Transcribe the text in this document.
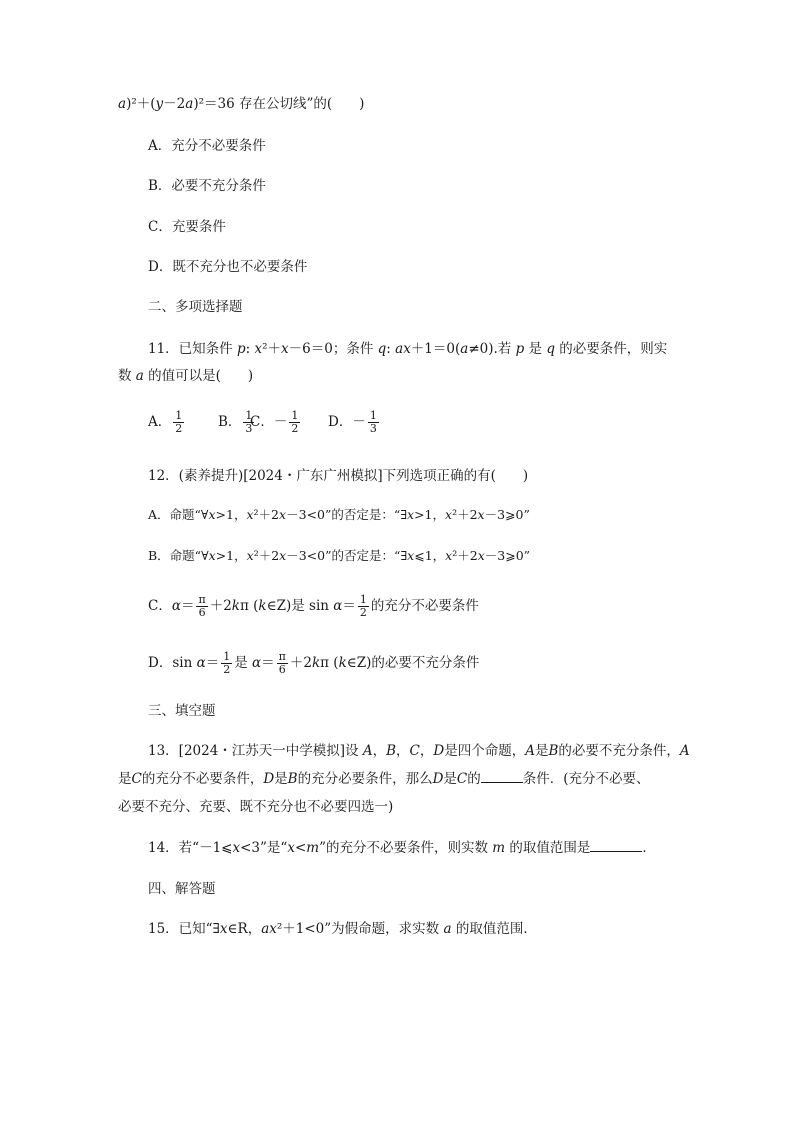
a)²＋(y－2a)²＝36 存在公切线”的(　　)
A．充分不必要条件
B．必要不充分条件
C．充要条件
D．既不充分也不必要条件
二、多项选择题
11．已知条件 p: x²＋x－6＝0；条件 q: ax＋1＝0(a≠0).若 p 是 q 的必要条件，则实
数 a 的值可以是(　　)
A． $\frac{1}{2}$	B． $\frac{1}{3}$
C．－ $\frac{1}{2}$ D．－ $\frac{1}{3}$
12．(素养提升)[2024・广东广州模拟]下列选项正确的有(　　)
A．命题“∀x>1，x²＋2x－3<0”的否定是：“∃x>1，x²＋2x－3⩾0”
B．命题“∀x>1，x²＋2x－3<0”的否定是：“∃x⩽1，x²＋2x－3⩾0”
C．$\alpha= \frac{\pi}{6} +2k\pi$ (k∈Z)是 $\sin \alpha= \frac{1}{2}$ 的充分不必要条件
D．$\sin \alpha= \frac{1}{2}$ 是 $\alpha= \frac{\pi}{6} +2k\pi$ (k∈Z)的必要不充分条件
三、填空题
13．[2024・江苏天一中学模拟]设 A，B，C，D是四个命题，A是B的必要不充分条件，A
是C的充分不必要条件，D是B的充分必要条件，那么D是C的	条件．(充分不必要、
必要不充分、充要、既不充分也不必要四选一)
14．若“－1⩽x<3”是“x<m”的充分不必要条件，则实数 m 的取值范围是	．
四、解答题
15．已知“∃x∈R，ax²＋1<0”为假命题，求实数 a 的取值范围．
